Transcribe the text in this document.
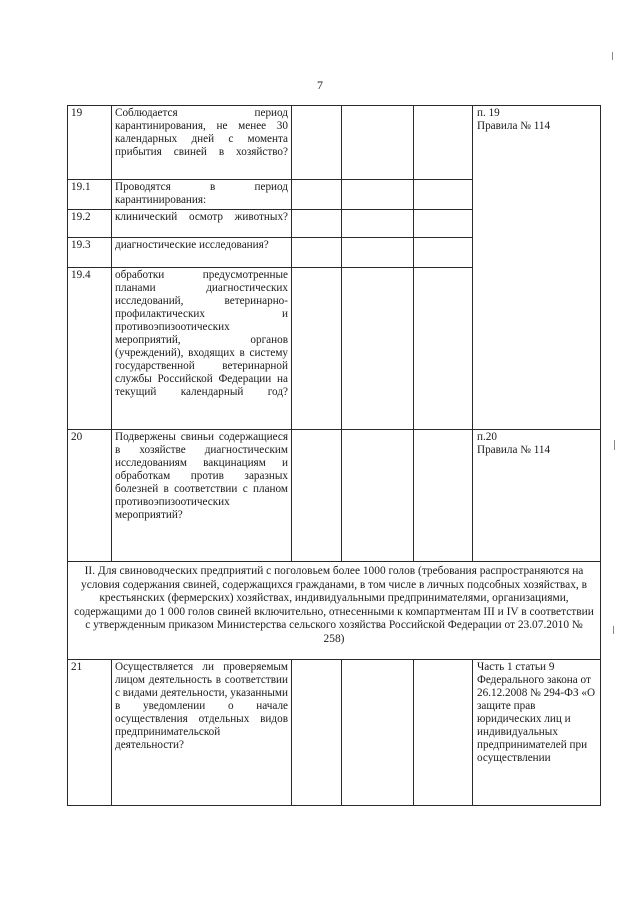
7
19	Соблюдается период карантинирования, не менее 30 календарных дней с момента прибытия свиней в хозяйство?				п. 19
Правила № 114

19.1	Проводятся в период карантинирования:				
19.2	клинический осмотр животных?				
19.3	диагностические исследования?				
19.4	обработки предусмотренные планами диагностических исследований, ветеринарно-профилактических и противоэпизоотических мероприятий, органов (учреждений), входящих в систему государственной ветеринарной службы Российской Федерации на текущий календарный год?				
20	Подвержены свиньи содержащиеся в хозяйстве диагностическим исследованиям вакцинациям и обработкам против заразных болезней в соответствии с планом противоэпизоотических мероприятий?				п.20
Правила № 114

II. Для свиноводческих предприятий с поголовьем более 1000 голов (требования распространяются на условия содержания свиней, содержащихся гражданами, в том числе в личных подсобных хозяйствах, в крестьянских (фермерских) хозяйствах, индивидуальными предпринимателями, организациями, содержащими до 1 000 голов свиней включительно, отнесенными к компартментам III и IV в соответствии с утвержденным приказом Министерства сельского хозяйства Российской Федерации от 23.07.2010 № 258)					
21	Осуществляется ли проверяемым лицом деятельность в соответствии с видами деятельности, указанными в уведомлении о начале осуществления отдельных видов предпринимательской деятельности?				Часть 1 статьи 9 Федерального закона от 26.12.2008 № 294-ФЗ «О защите прав юридических лиц и индивидуальных предпринимателей при осуществлении
